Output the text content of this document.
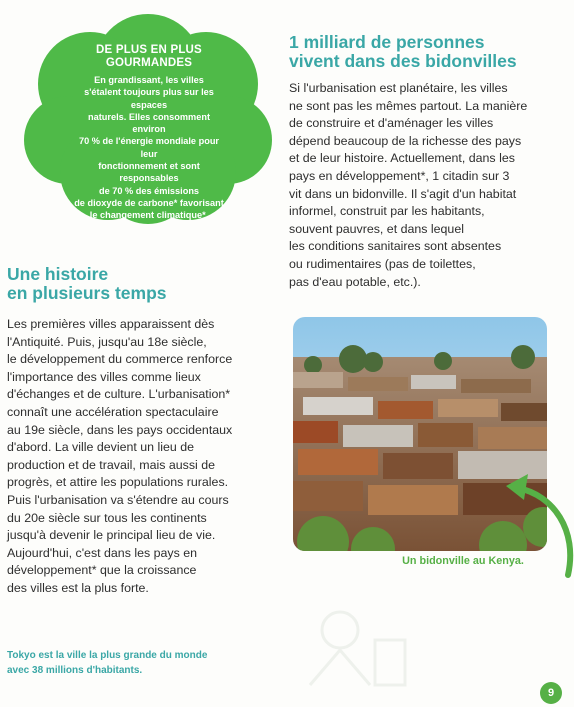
DE PLUS EN PLUS
GOURMANDES
En grandissant, les villes
s'étalent toujours plus sur les espaces
naturels. Elles consomment environ
70 % de l'énergie mondiale pour leur
fonctionnement et sont responsables
de 70 % des émissions
de dioxyde de carbone* favorisant
le changement climatique*.
Une histoire
en plusieurs temps
Les premières villes apparaissent dès
l'Antiquité. Puis, jusqu'au 18e siècle,
le développement du commerce renforce
l'importance des villes comme lieux
d'échanges et de culture. L'urbanisation*
connaît une accélération spectaculaire
au 19e siècle, dans les pays occidentaux
d'abord. La ville devient un lieu de
production et de travail, mais aussi de
progrès, et attire les populations rurales.
Puis l'urbanisation va s'étendre au cours
du 20e siècle sur tous les continents
jusqu'à devenir le principal lieu de vie.
Aujourd'hui, c'est dans les pays en
développement* que la croissance
des villes est la plus forte.
1 milliard de personnes
vivent dans des bidonvilles
Si l'urbanisation est planétaire, les villes
ne sont pas les mêmes partout. La manière
de construire et d'aménager les villes
dépend beaucoup de la richesse des pays
et de leur histoire. Actuellement, dans les
pays en développement*, 1 citadin sur 3
vit dans un bidonville. Il s'agit d'un habitat
informel, construit par les habitants,
souvent pauvres, et dans lequel
les conditions sanitaires sont absentes
ou rudimentaires (pas de toilettes,
pas d'eau potable, etc.).
Un bidonville au Kenya.
Tokyo est la ville la plus grande du monde
avec 38 millions d'habitants.
9
